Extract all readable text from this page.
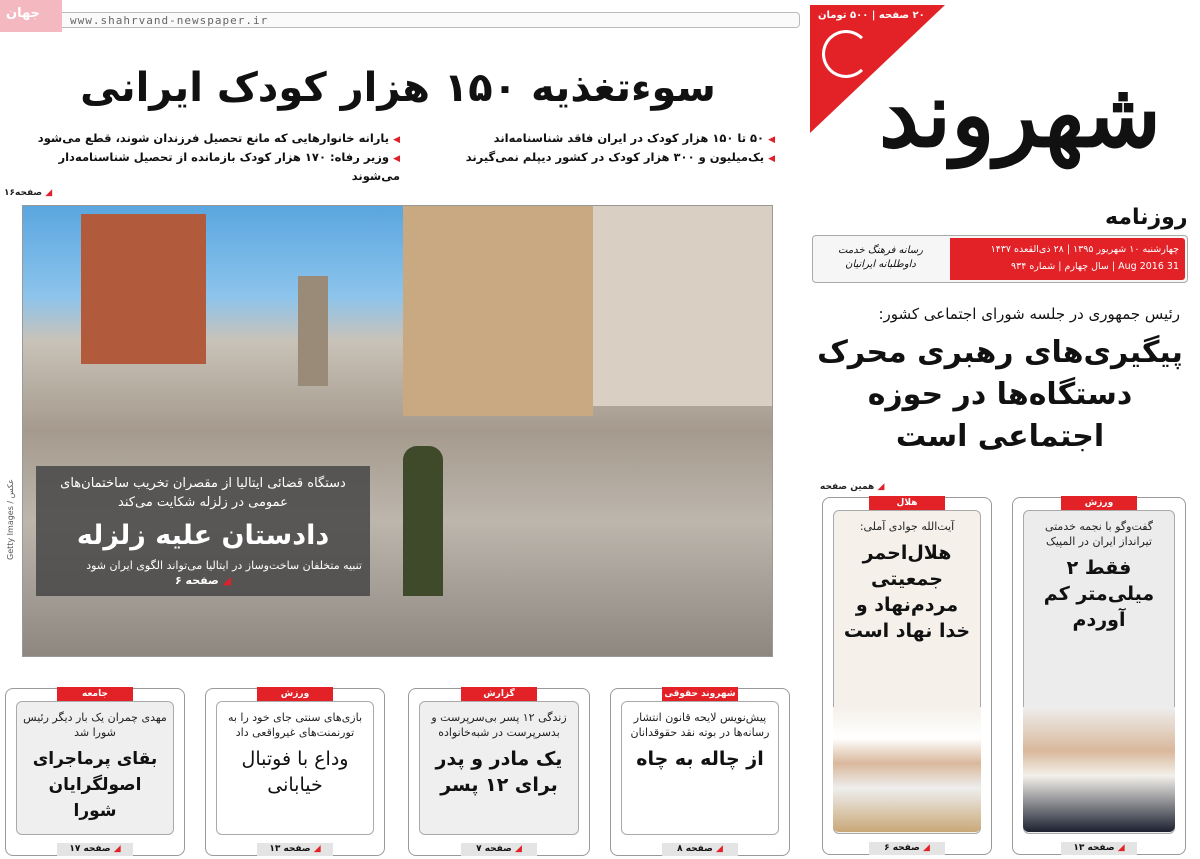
www.shahrvand-newspaper.ir
جهان
سوءتغذیه ۱۵۰ هزار کودک ایرانی
◀ ۵۰ تا ۱۵۰ هزار کودک در ایران فاقد شناسنامه‌اند
◀ یک‌میلیون و ۳۰۰ هزار کودک در کشور دیپلم نمی‌گیرند
◀ یارانه خانوارهایی که مانع تحصیل فرزندان شوند، قطع می‌شود
◀ وزیر رفاه: ۱۷۰ هزار کودک بازمانده از تحصیل شناسنامه‌دار می‌شوند
◢ صفحه۱۶
Getty Images / عکس	دستگاه قضائی ایتالیا از مقصران تخریب ساختمان‌های عمومی در زلزله شکایت می‌کند
دادستان علیه زلزله
تنبیه متخلفان ساخت‌وساز در ایتالیا می‌تواند الگوی ایران شود
◢ صفحه ۶
۲۰ صفحه | ۵۰۰ تومان
شهروند
روزنامه
چهارشنبه ۱۰ شهریور ۱۳۹۵ | ۲۸ ذی‌القعده ۱۴۳۷
31 Aug 2016 | سال چهارم | شماره ۹۳۴
رسانه فرهنگ خدمت داوطلبانه ایرانیان
رئیس جمهوری در جلسه شورای اجتماعی کشور:
پیگیری‌های رهبری محرک دستگاه‌ها در حوزه اجتماعی است
◢ همین صفحه
ورزش
گفت‌وگو با نجمه خدمتی تیرانداز ایران در المپیک
فقط ۲ میلی‌متر کم آوردم
◢ صفحه ۱۳
هلال
آیت‌الله جوادی آملی:
هلال‌احمر جمعیتی مردم‌نهاد و خدا نهاد است
◢ صفحه ۶
شهروند حقوقی
پیش‌نویس لایحه قانون انتشار رسانه‌ها در بوته نقد حقوقدانان
از چاله به چاه
◢ صفحه ۸
گزارش
زندگی ۱۲ پسر بی‌سرپرست و بدسرپرست در شبه‌خانواده
یک مادر و پدر برای ۱۲ پسر
◢ صفحه ۷
ورزش
بازی‌های سنتی جای خود را به تورنمنت‌های غیرواقعی داد
وداع با فوتبال خیابانی
◢ صفحه ۱۳
جامعه
مهدی چمران یک بار دیگر رئیس شورا شد
بقای پرماجرای اصولگرایان شورا
◢ صفحه ۱۷
